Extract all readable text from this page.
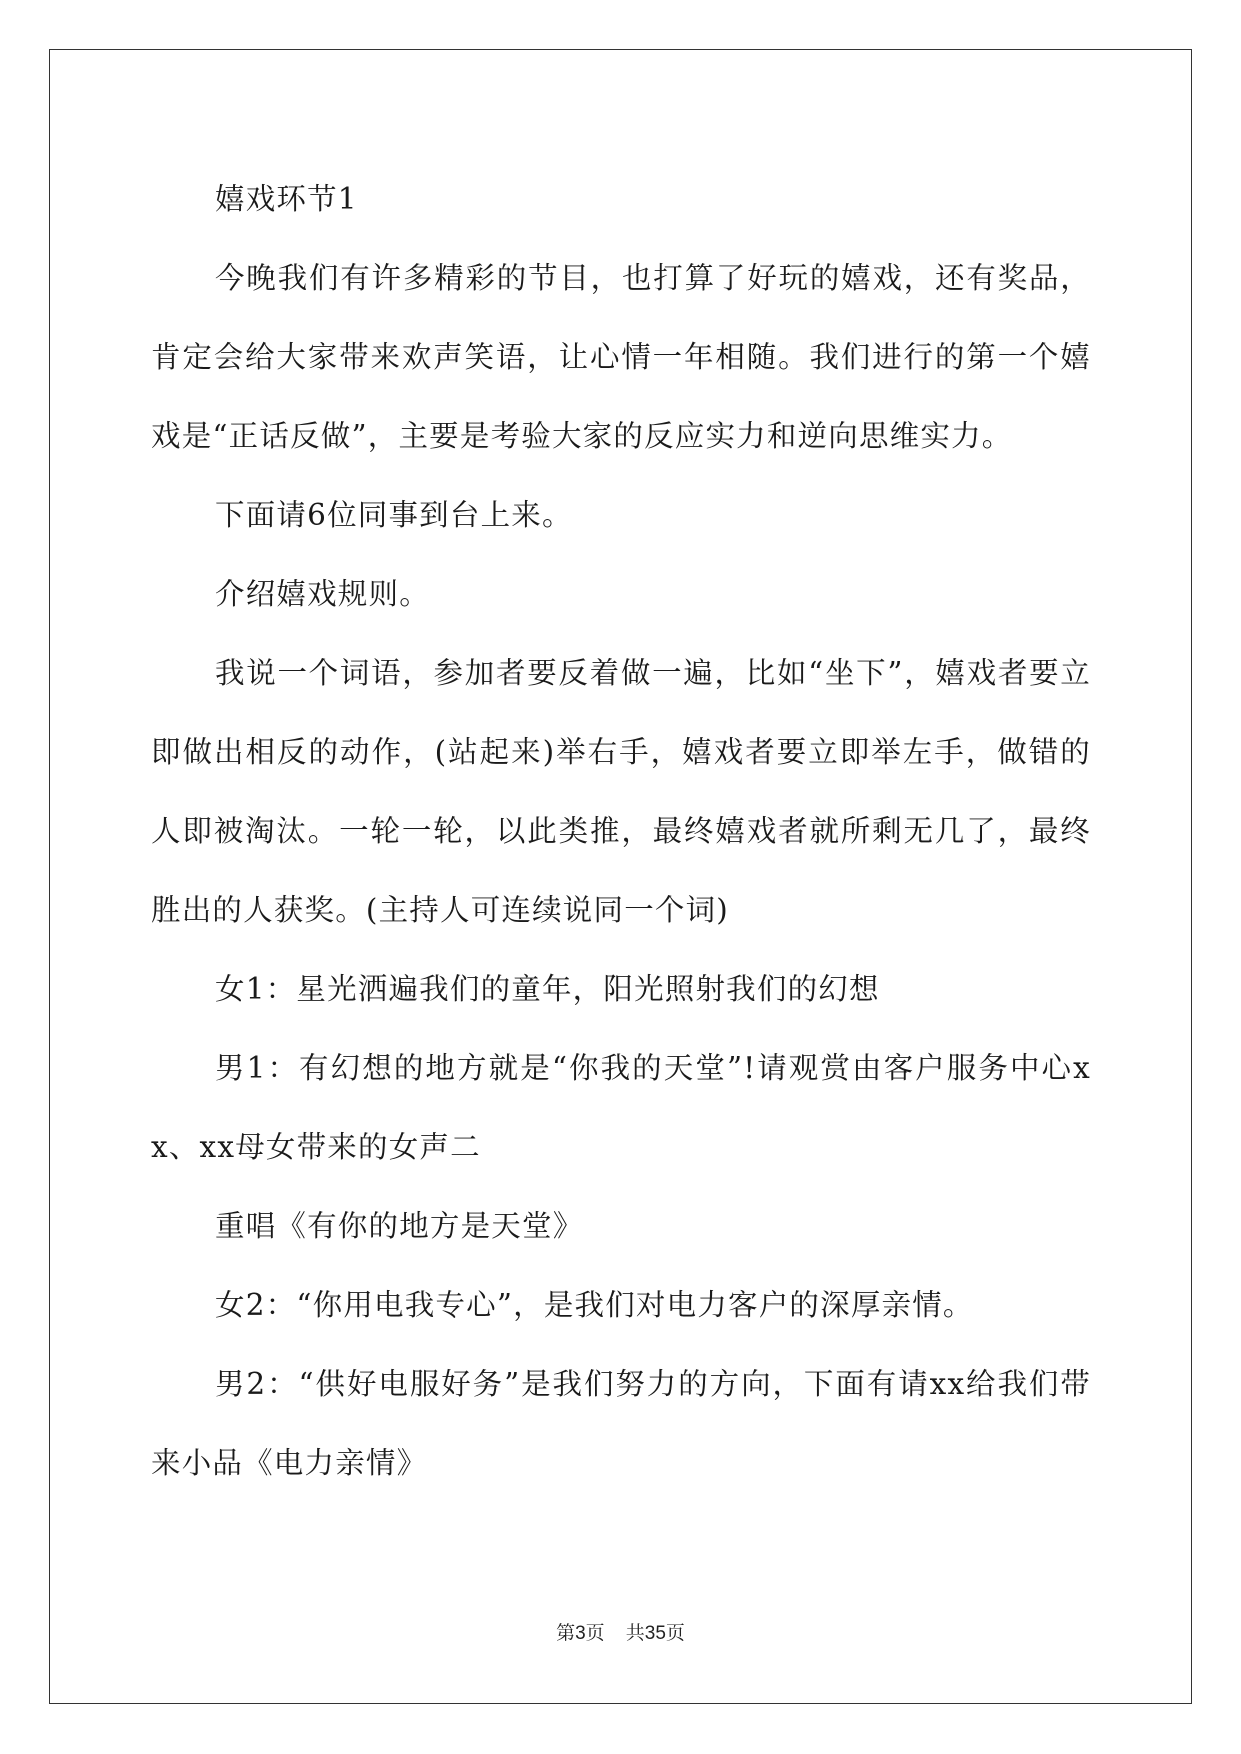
嬉戏环节1

今晚我们有许多精彩的节目，也打算了好玩的嬉戏，还有奖品，肯定会给大家带来欢声笑语，让心情一年相随。我们进行的第一个嬉戏是“正话反做”，主要是考验大家的反应实力和逆向思维实力。

下面请6位同事到台上来。

介绍嬉戏规则。

我说一个词语，参加者要反着做一遍，比如“坐下”，嬉戏者要立即做出相反的动作，(站起来)举右手，嬉戏者要立即举左手，做错的人即被淘汰。一轮一轮，以此类推，最终嬉戏者就所剩无几了，最终胜出的人获奖。(主持人可连续说同一个词)

女1：星光洒遍我们的童年，阳光照射我们的幻想

男1：有幻想的地方就是“你我的天堂”!请观赏由客户服务中心xx、xx母女带来的女声二

重唱《有你的地方是天堂》

女2：“你用电我专心”，是我们对电力客户的深厚亲情。

男2：“供好电服好务”是我们努力的方向，下面有请xx给我们带来小品《电力亲情》

第3页 共35页
